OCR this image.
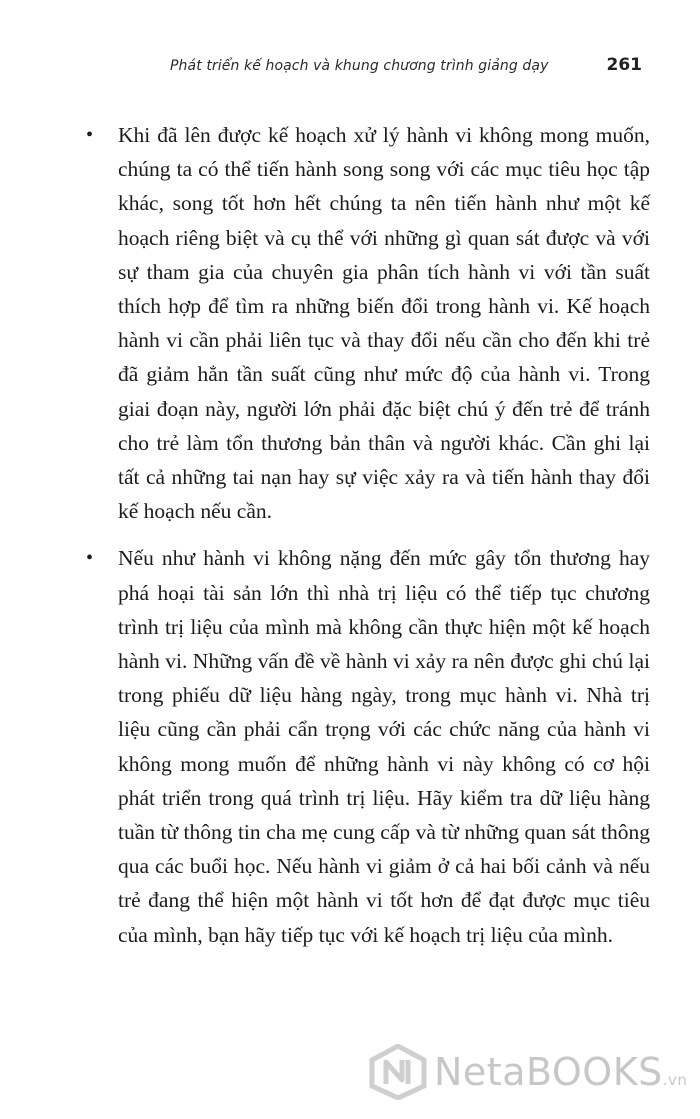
Phát triển kế hoạch và khung chương trình giảng dạy	261
• Khi đã lên được kế hoạch xử lý hành vi không mong muốn, chúng ta có thể tiến hành song song với các mục tiêu học tập khác, song tốt hơn hết chúng ta nên tiến hành như một kế hoạch riêng biệt và cụ thể với những gì quan sát được và với sự tham gia của chuyên gia phân tích hành vi với tần suất thích hợp để tìm ra những biến đổi trong hành vi. Kế hoạch hành vi cần phải liên tục và thay đổi nếu cần cho đến khi trẻ đã giảm hẳn tần suất cũng như mức độ của hành vi. Trong giai đoạn này, người lớn phải đặc biệt chú ý đến trẻ để tránh cho trẻ làm tổn thương bản thân và người khác. Cần ghi lại tất cả những tai nạn hay sự việc xảy ra và tiến hành thay đổi kế hoạch nếu cần.
• Nếu như hành vi không nặng đến mức gây tổn thương hay phá hoại tài sản lớn thì nhà trị liệu có thể tiếp tục chương trình trị liệu của mình mà không cần thực hiện một kế hoạch hành vi. Những vấn đề về hành vi xảy ra nên được ghi chú lại trong phiếu dữ liệu hàng ngày, trong mục hành vi. Nhà trị liệu cũng cần phải cẩn trọng với các chức năng của hành vi không mong muốn để những hành vi này không có cơ hội phát triển trong quá trình trị liệu. Hãy kiểm tra dữ liệu hàng tuần từ thông tin cha mẹ cung cấp và từ những quan sát thông qua các buổi học. Nếu hành vi giảm ở cả hai bối cảnh và nếu trẻ đang thể hiện một hành vi tốt hơn để đạt được mục tiêu của mình, bạn hãy tiếp tục với kế hoạch trị liệu của mình.
NetaBOOKS.vn
